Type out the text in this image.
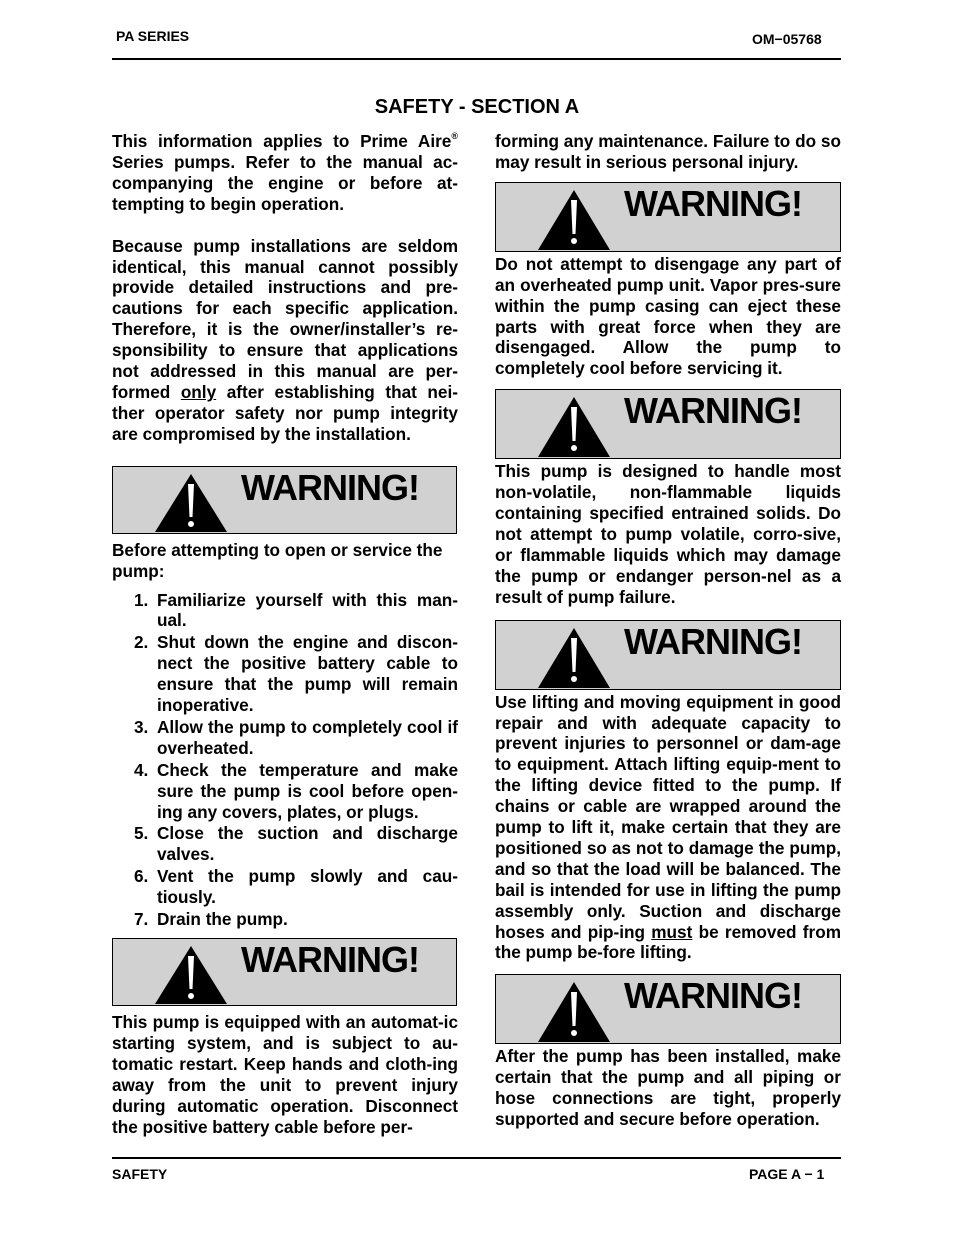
PA SERIES	OM−05768
SAFETY - SECTION A

This information applies to Prime Aire® Series pumps. Refer to the manual ac-companying the engine or before at-tempting to begin operation.

Because pump installations are seldom identical, this manual cannot possibly provide detailed instructions and pre-cautions for each specific application. Therefore, it is the owner/installer’s re-sponsibility to ensure that applications not addressed in this manual are per-formed only after establishing that nei-ther operator safety nor pump integrity are compromised by the installation.

WARNING!

Before attempting to open or service the pump:

1. Familiarize yourself with this man-ual.
2. Shut down the engine and discon-nect the positive battery cable to ensure that the pump will remain inoperative.
3. Allow the pump to completely cool if overheated.
4. Check the temperature and make sure the pump is cool before open-ing any covers, plates, or plugs.
5. Close the suction and discharge valves.
6. Vent the pump slowly and cau-tiously.
7. Drain the pump.
WARNING!

This pump is equipped with an automat-ic starting system, and is subject to au-tomatic restart. Keep hands and cloth-ing away from the unit to prevent injury during automatic operation. Disconnect the positive battery cable before per-

forming any maintenance. Failure to do so may result in serious personal injury.

WARNING!

Do not attempt to disengage any part of an overheated pump unit. Vapor pres-sure within the pump casing can eject these parts with great force when they are disengaged. Allow the pump to completely cool before servicing it.

WARNING!

This pump is designed to handle most non-volatile, non-flammable liquids containing specified entrained solids. Do not attempt to pump volatile, corro-sive, or flammable liquids which may damage the pump or endanger person-nel as a result of pump failure.

WARNING!

Use lifting and moving equipment in good repair and with adequate capacity to prevent injuries to personnel or dam-age to equipment. Attach lifting equip-ment to the lifting device fitted to the pump. If chains or cable are wrapped around the pump to lift it, make certain that they are positioned so as not to damage the pump, and so that the load will be balanced. The bail is intended for use in lifting the pump assembly only. Suction and discharge hoses and pip-ing must be removed from the pump be-fore lifting.

WARNING!

After the pump has been installed, make certain that the pump and all piping or hose connections are tight, properly supported and secure before operation.

SAFETY	PAGE A − 1
